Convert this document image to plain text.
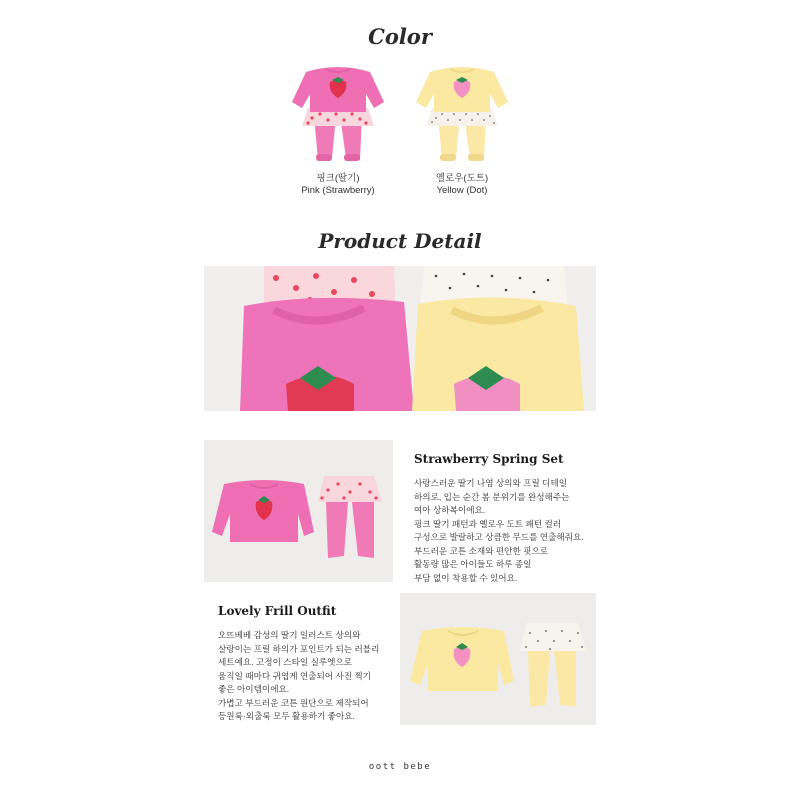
Color
핑크(딸기)
Pink (Strawberry)
옐로우(도트)
Yellow (Dot)
Product Detail
Strawberry Spring Set
사랑스러운 딸기 나염 상의와 프릴 디테일
하의로, 입는 순간 봄 분위기를 완성해주는
여아 상하복이에요.
핑크 딸기 패턴과 옐로우 도트 패턴 컬러
구성으로 발랄하고 상큼한 무드를 연출해줘요.
부드러운 코튼 소재와 편안한 핏으로
활동량 많은 아이들도 하루 종일
부담 없이 착용할 수 있어요.
Lovely Frill Outfit
오뜨베베 감성의 딸기 일러스트 상의와
살랑이는 프릴 하의가 포인트가 되는 러블리
세트예요. 고정이 스타일 실루엣으로
움직일 때마다 귀엽게 연출되어 사진 찍기
좋은 아이템이에요.
가볍고 부드러운 코튼 원단으로 제작되어
등원룩·외출룩 모두 활용하기 좋아요.
oott bebe
